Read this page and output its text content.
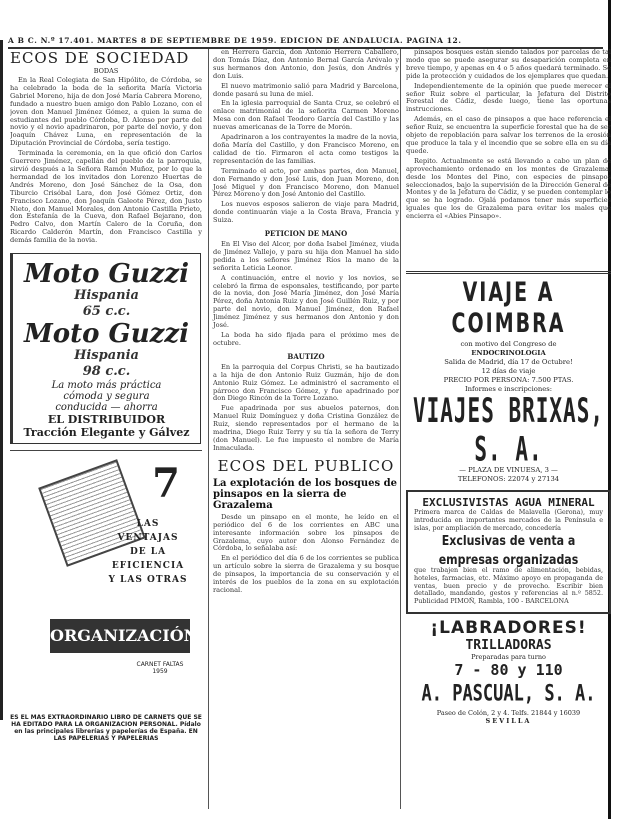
A B C. N.º 17.401. MARTES 8 DE SEPTIEMBRE DE 1959. EDICION DE ANDALUCIA. PAGINA 12.
ECOS DE SOCIEDAD
BODAS

En la Real Colegiata de San Hipólito, de Córdoba, se ha celebrado la boda de la señorita María Victoria Gabriel Moreno, hija de don José María Cabrera Moreno, fundado a nuestro buen amigo don Pablo Lozano, con el joven don Manuel Jiménez Gómez, a quien la suma de estudiantes del pueblo Córdoba, D. Alonso por parte del novio y el novio apadrinaron, por parte del novio, y don Joaquín Chávez Luna, en representación de la Diputación Provincial de Córdoba, sería testigo.

Terminada la ceremonia, en la que ofició don Carlos Guerrero Jiménez, capellán del pueblo de la parroquia, sirvió después a la Señora Ramón Muñoz, por lo que la hermandad de los invitados don Lorenzo Huertas de Andrés Moreno, don José Sánchez de la Osa, don Tiburcio Crisóbal Lara, don José Gómez Ortiz, don Francisco Lozano, don Joaquín Galeote Pérez, don Justo Nieto, don Manuel Morales, don Antonio Castilla Prieto, don Estefanía de la Cueva, don Rafael Bejarano, don Pedro Calvo, don Martín Calero de la Coruña, don Ricardo Calderón Martín, don Francisco Castilla y demás familia de la novia.

Moto Guzzi
Hispania
65 c.c.
Moto Guzzi
Hispania
98 c.c.
La moto más práctica
cómoda y segura
conducida — ahorra
EL DISTRIBUIDOR
Tracción Elegante y Gálvez
7
LAS VENTAJAS DE LA EFICIENCIA Y LAS OTRAS
ORGANIZACIÓN
CARNET FALTAS 1959
ES EL MAS EXTRAORDINARIO LIBRO DE CARNETS QUE SE HA EDITADO PARA LA ORGANIZACION PERSONAL. Pídalo en las principales librerías y papelerías de España. EN LAS PAPELERIAS Y PAPELERIAS

en Herrera García, don Antonio Herrera Caballero, don Tomás Díaz, don Antonio Bernal García Arévalo y sus hermanos don Antonio, don Jesús, don Andrés y don Luis.

El nuevo matrimonio salió para Madrid y Barcelona, donde pasará su luna de miel.

En la iglesia parroquial de Santa Cruz, se celebró el enlace matrimonial de la señorita Carmen Moreno Mesa con don Rafael Teodoro García del Castillo y las nuevas americanas de la Torre de Morón.

Apadrinaron a los contrayentes la madre de la novia, doña María del Castillo, y don Francisco Moreno, en calidad de tío. Firmaron el acta como testigos la representación de las familias.

Terminado el acto, por ambas partes, don Manuel, don Fernando y don José Luis, don Juan Moreno, don José Miguel y don Francisco Moreno, don Manuel Pérez Moreno y don José Antonio del Castillo.

Los nuevos esposos salieron de viaje para Madrid, donde continuarán viaje a la Costa Brava, Francia y Suiza.

PETICION DE MANO

En El Viso del Alcor, por doña Isabel Jiménez, viuda de Jiménez Vallejo, y para su hija don Manuel ha sido pedida a los señores Jiménez Ríos la mano de la señorita Leticia Leonor.

A continuación, entre el novio y los novios, se celebró la firma de esponsales, testificando, por parte de la novia, don José María Jiménez, don José María Pérez, doña Antonia Ruiz y don José Guillén Ruiz, y por parte del novio, don Manuel Jiménez, don Rafael Jiménez Jiménez y sus hermanos don Antonio y don José.

La boda ha sido fijada para el próximo mes de octubre.

BAUTIZO

En la parroquia del Corpus Christi, se ha bautizado a la hija de don Antonio Ruiz Guzmán, hijo de don Antonio Ruiz Gómez. Le administró el sacramento el párroco don Francisco Gómez, y fue apadrinado por don Diego Rincón de la Torre Lozano.

Fue apadrinada por sus abuelos paternos, don Manuel Ruiz Domínguez y doña Cristina González de Ruiz, siendo representados por el hermano de la madrina, Diego Ruiz Terry y su tía la señora de Terry (don Manuel). Le fue impuesto el nombre de María Inmaculada.

ECOS DEL PUBLICO
La explotación de los bosques de pinsapos en la sierra de Grazalema

Desde un pinsapo en el monte, he leído en el periódico del 6 de los corrientes en ABC una interesante información sobre los pinsapos de Grazalema, cuyo autor don Alonso Fernández de Córdoba, lo señalaba así:

En el periódico del día 6 de los corrientes se publica un artículo sobre la sierra de Grazalema y su bosque de pinsapos, la importancia de su conservación y el interés de los pueblos de la zona en su explotación racional.

pinsapos bosques están siendo talados por parcelas de tal modo que se puede asegurar su desaparición completa en breve tiempo, y apenas en 4 o 5 años quedará terminado. Se pide la protección y cuidados de los ejemplares que quedan.

Independientemente de la opinión que puede merecer el señor Ruiz sobre el particular, la Jefatura del Distrito Forestal de Cádiz, desde luego, tiene las oportunas instrucciones.

Además, en el caso de pinsapos a que hace referencia el señor Ruiz, se encuentra la superficie forestal que ha de ser objeto de repoblación para salvar los terrenos de la erosión que produce la tala y el incendio que se sobre ella en su día quede.

Repito. Actualmente se está llevando a cabo un plan de aprovechamiento ordenado en los montes de Grazalema, desde los Montes del Pino, con especies de pinsapos seleccionados, bajo la supervisión de la Dirección General de Montes y de la Jefatura de Cádiz, y se pueden contemplar lo que se ha logrado. Ojalá podamos tener más superficies iguales que los de Grazalema para evitar los males que encierra el «Abies Pinsapo».

VIAJE A COIMBRA
con motivo del Congreso de
ENDOCRINOLOGIA
Salida de Madrid, día 17 de Octubre!
12 días de viaje
PRECIO POR PERSONA: 7.500 PTAS.
Informes e inscripciones:
VIAJES BRIXAS, S. A.
— PLAZA DE VINUESA, 3 —
TELEFONOS: 22074 y 27134
EXCLUSIVISTAS AGUA MINERAL

Primera marca de Caldas de Malavella (Gerona), muy introducida en importantes mercados de la Península e islas, por ampliación de mercado, concedería

Exclusivas de venta a empresas organizadas

que trabajen bien el ramo de alimentación, bebidas, hoteles, farmacias, etc. Máximo apoyo en propaganda de ventas, buen precio y de provecho. Escribir bien detallado, mandando, gestos y referencias al n.º 5852. Publicidad PIMOÑ, Rambla, 100 - BARCELONA

¡LABRADORES!
TRILLADORAS
Preparadas para turno
7 - 80 y 110
A. PASCUAL, S. A.
Paseo de Colón, 2 y 4. Telfs. 21844 y 16039
SEVILLA
